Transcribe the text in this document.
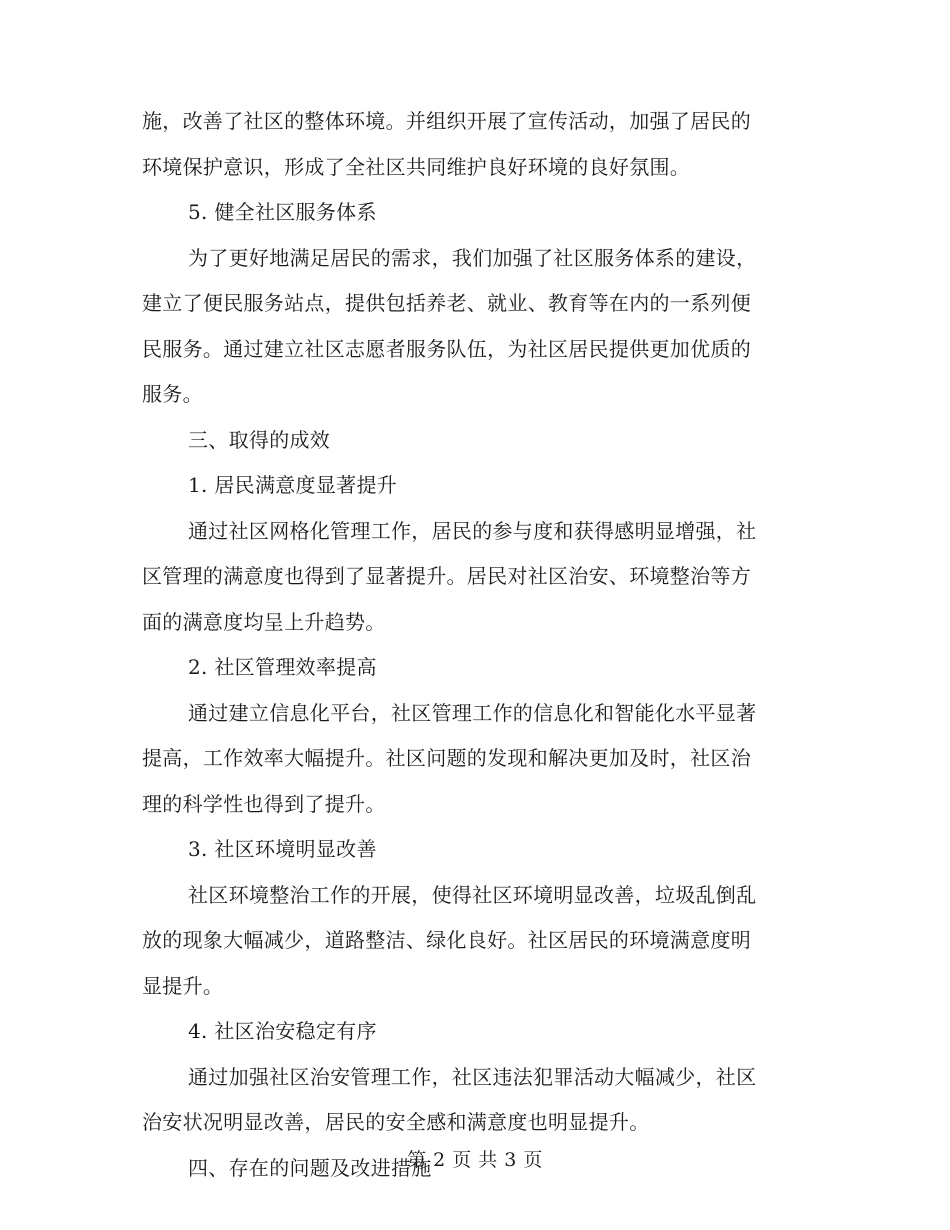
施，改善了社区的整体环境。并组织开展了宣传活动，加强了居民的
环境保护意识，形成了全社区共同维护良好环境的良好氛围。
5. 健全社区服务体系
为了更好地满足居民的需求，我们加强了社区服务体系的建设，
建立了便民服务站点，提供包括养老、就业、教育等在内的一系列便
民服务。通过建立社区志愿者服务队伍，为社区居民提供更加优质的
服务。
三、取得的成效
1. 居民满意度显著提升
通过社区网格化管理工作，居民的参与度和获得感明显增强，社
区管理的满意度也得到了显著提升。居民对社区治安、环境整治等方
面的满意度均呈上升趋势。
2. 社区管理效率提高
通过建立信息化平台，社区管理工作的信息化和智能化水平显著
提高，工作效率大幅提升。社区问题的发现和解决更加及时，社区治
理的科学性也得到了提升。
3. 社区环境明显改善
社区环境整治工作的开展，使得社区环境明显改善，垃圾乱倒乱
放的现象大幅减少，道路整洁、绿化良好。社区居民的环境满意度明
显提升。
4. 社区治安稳定有序
通过加强社区治安管理工作，社区违法犯罪活动大幅减少，社区
治安状况明显改善，居民的安全感和满意度也明显提升。
四、存在的问题及改进措施
第 2 页 共 3 页
